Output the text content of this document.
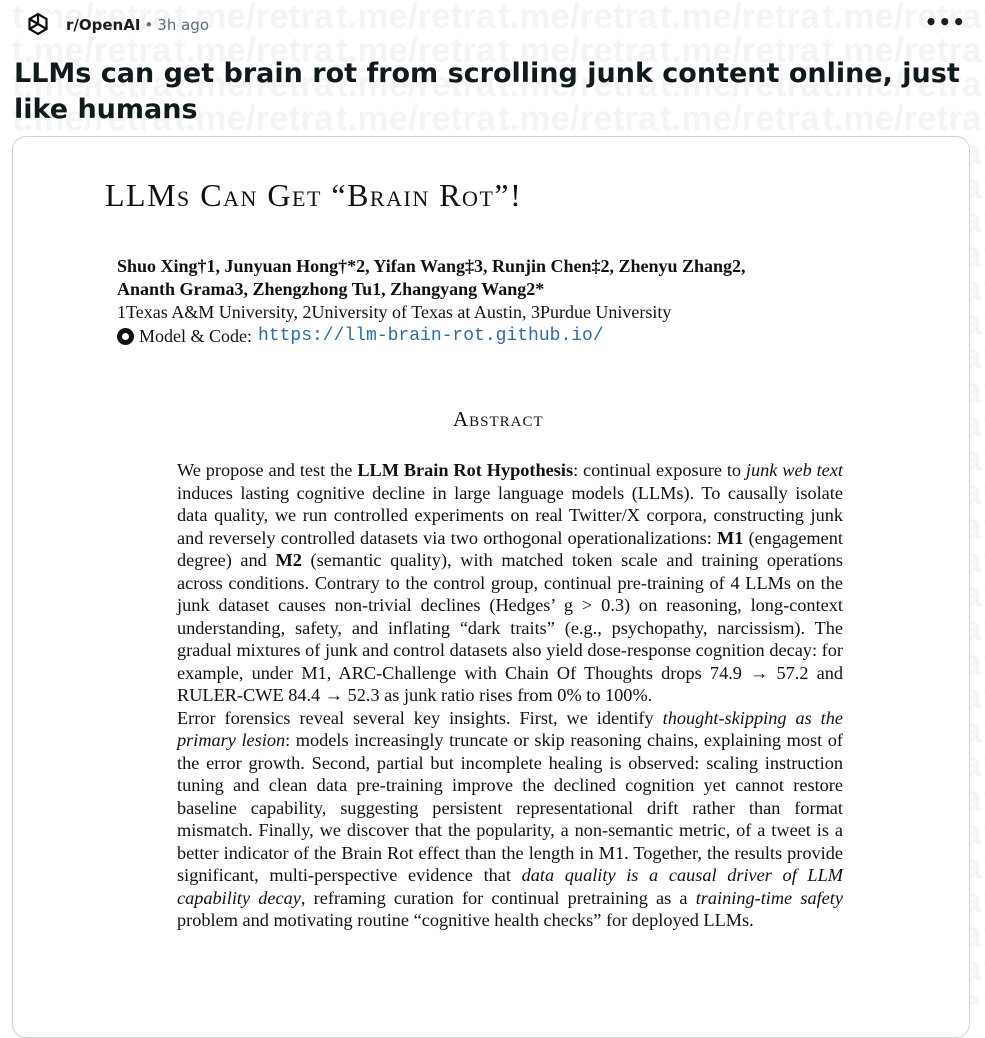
r/OpenAI • 3h ago	•••
LLMs can get brain rot from scrolling junk content online, just like humans
LLMs Can Get “Brain Rot”!
Shuo Xing†1, Junyuan Hong†*2, Yifan Wang‡3, Runjin Chen‡2, Zhenyu Zhang2,
Ananth Grama3, Zhengzhong Tu1, Zhangyang Wang2*
1Texas A&M University, 2University of Texas at Austin, 3Purdue University
Model & Code: https://llm-brain-rot.github.io/
Abstract

We propose and test the LLM Brain Rot Hypothesis: continual exposure to junk web text induces lasting cognitive decline in large language models (LLMs). To causally isolate data quality, we run controlled experiments on real Twitter/X corpora, constructing junk and reversely controlled datasets via two orthogonal operationalizations: M1 (engagement degree) and M2 (semantic quality), with matched token scale and training operations across conditions. Contrary to the control group, continual pre-training of 4 LLMs on the junk dataset causes non-trivial declines (Hedges’ g > 0.3) on reasoning, long-context understanding, safety, and inflating “dark traits” (e.g., psychopathy, narcissism). The gradual mixtures of junk and control datasets also yield dose-response cognition decay: for example, under M1, ARC-Challenge with Chain Of Thoughts drops 74.9 → 57.2 and RULER-CWE 84.4 → 52.3 as junk ratio rises from 0% to 100%.

Error forensics reveal several key insights. First, we identify thought-skipping as the primary lesion: models increasingly truncate or skip reasoning chains, explaining most of the error growth. Second, partial but incomplete healing is observed: scaling instruction tuning and clean data pre-training improve the declined cognition yet cannot restore baseline capability, suggesting persistent representational drift rather than format mismatch. Finally, we discover that the popularity, a non-semantic metric, of a tweet is a better indicator of the Brain Rot effect than the length in M1. Together, the results provide significant, multi-perspective evidence that data quality is a causal driver of LLM capability decay, reframing curation for continual pretraining as a training-time safety problem and motivating routine “cognitive health checks” for deployed LLMs.
